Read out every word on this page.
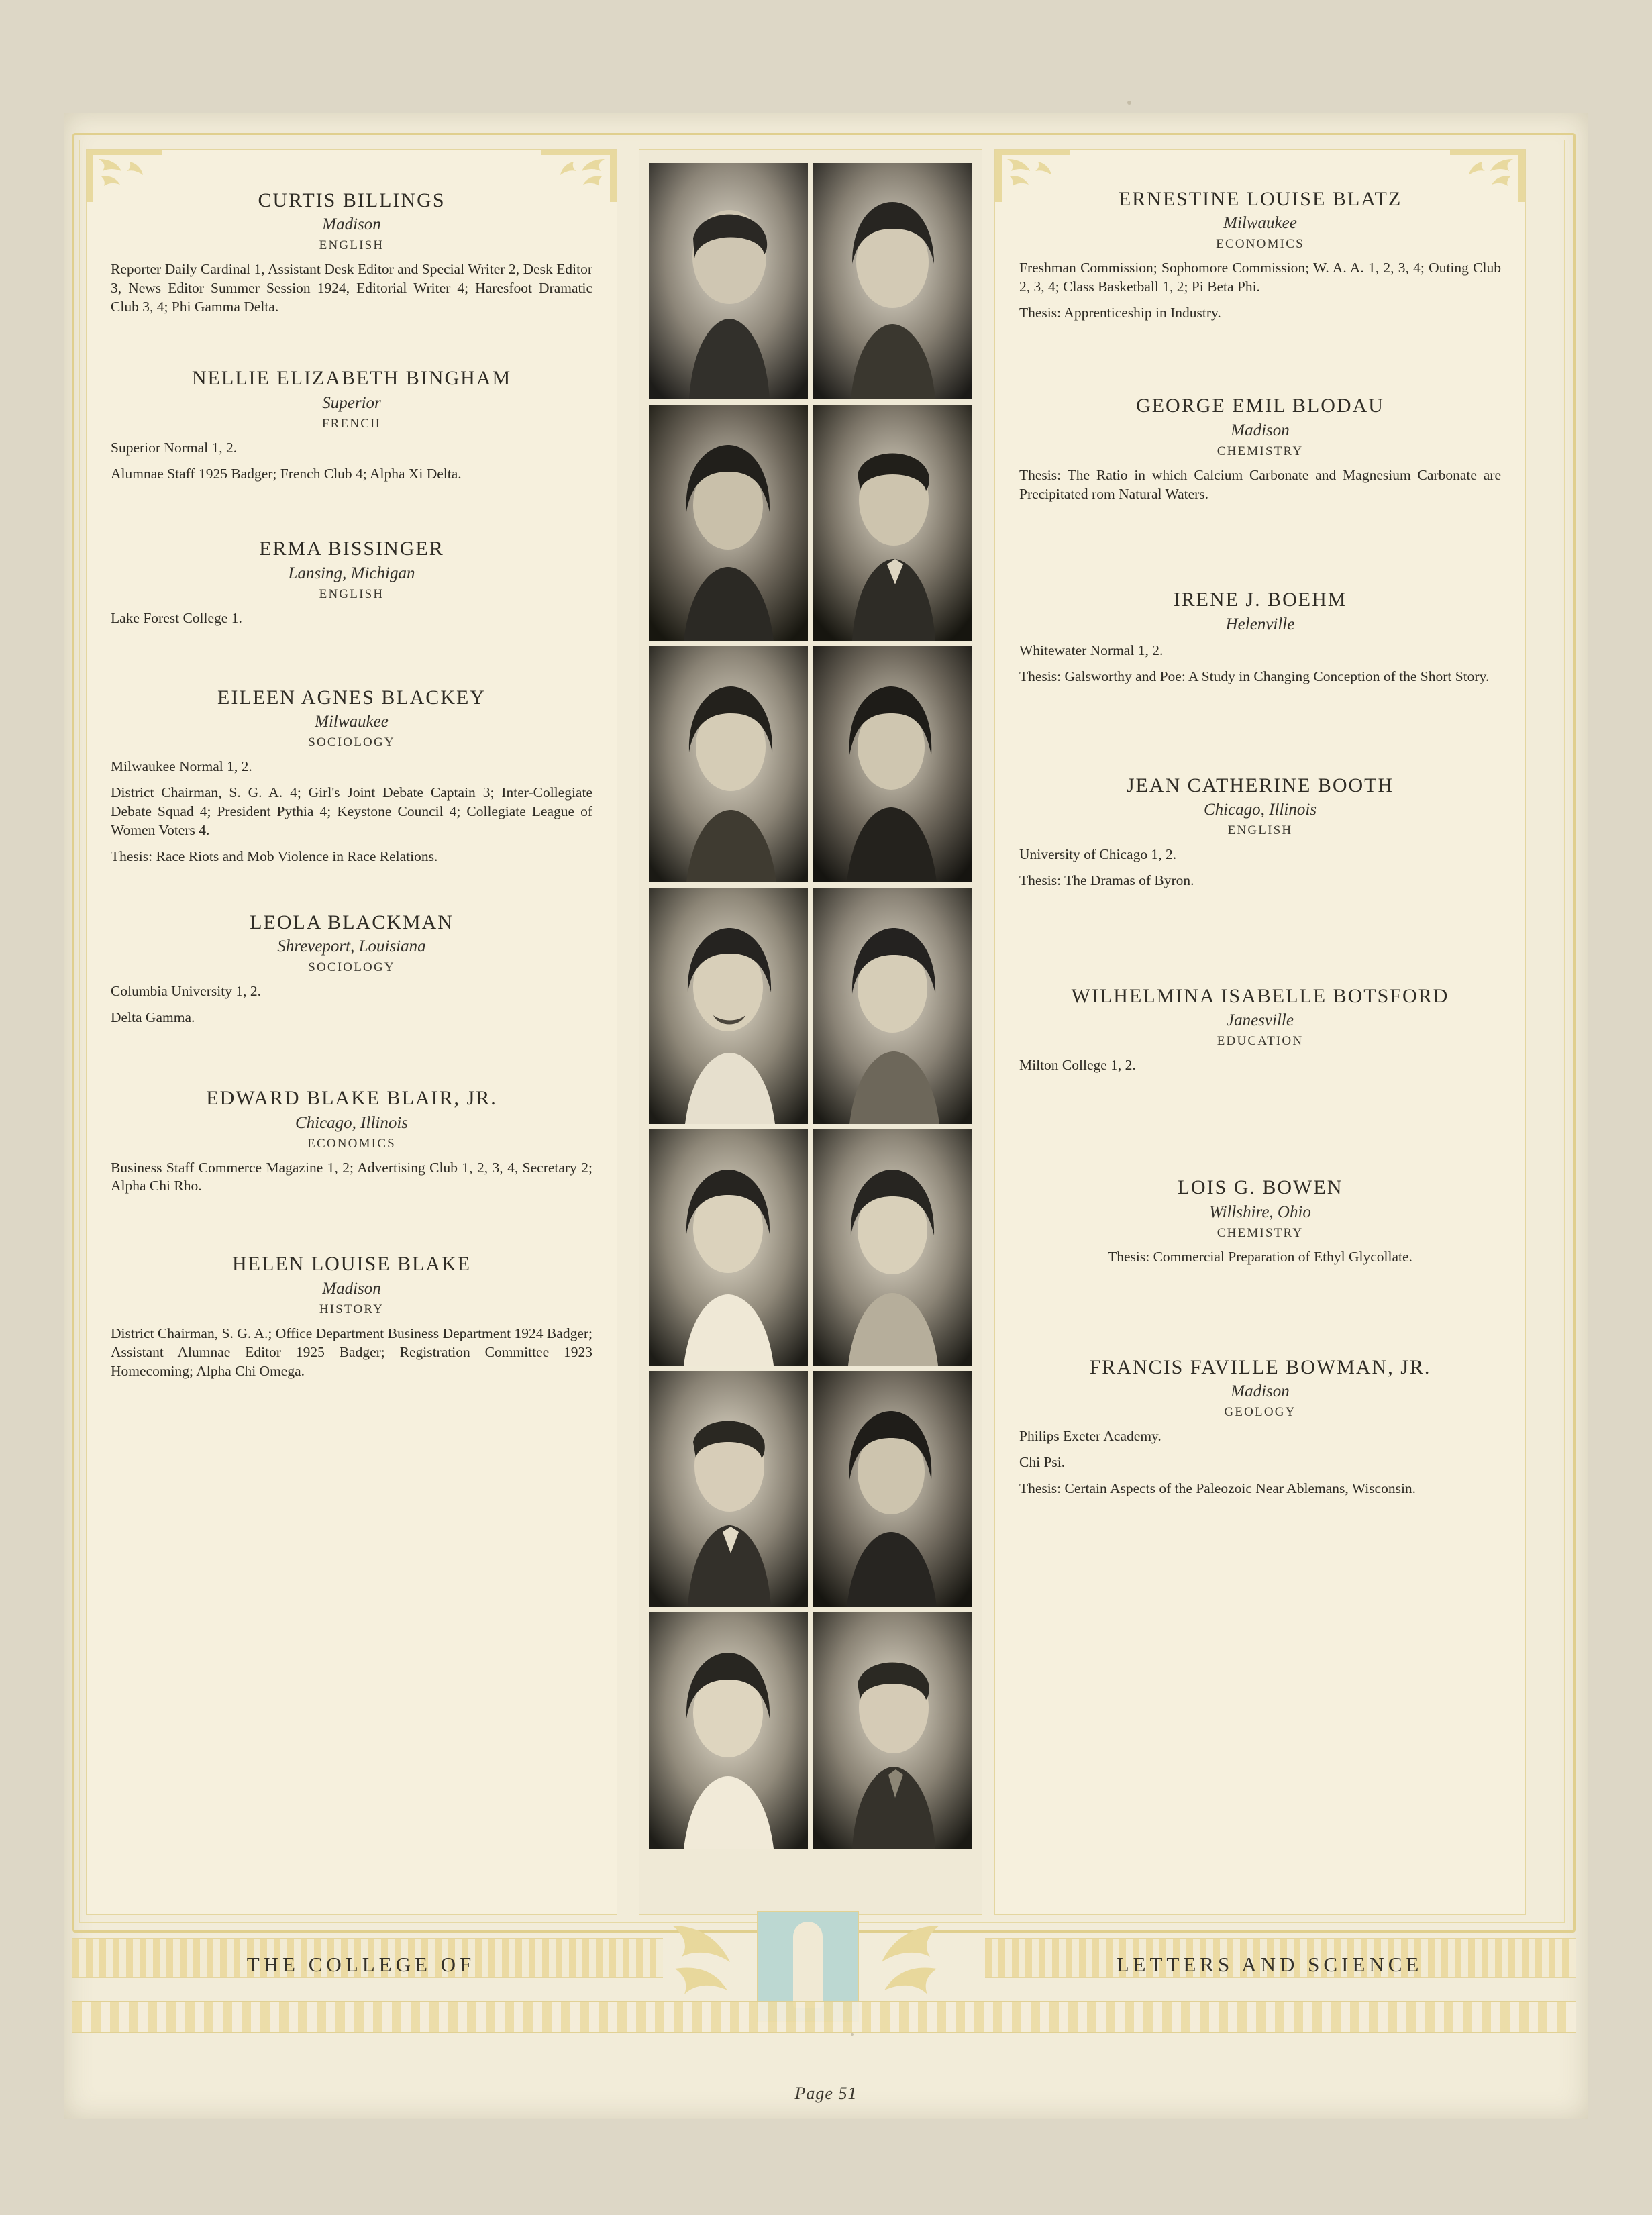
CURTIS BILLINGS
Madison
ENGLISH
Reporter Daily Cardinal 1, Assistant Desk Editor and Special Writer 2, Desk Editor 3, News Editor Summer Session 1924, Editorial Writer 4; Haresfoot Dramatic Club 3, 4; Phi Gamma Delta.
NELLIE ELIZABETH BINGHAM
Superior
FRENCH
Superior Normal 1, 2.
Alumnae Staff 1925 Badger; French Club 4; Alpha Xi Delta.
ERMA BISSINGER
Lansing, Michigan
ENGLISH
Lake Forest College 1.
EILEEN AGNES BLACKEY
Milwaukee
SOCIOLOGY
Milwaukee Normal 1, 2.
District Chairman, S. G. A. 4; Girl's Joint Debate Captain 3; Inter-Collegiate Debate Squad 4; President Pythia 4; Keystone Council 4; Collegiate League of Women Voters 4.
Thesis: Race Riots and Mob Violence in Race Relations.
LEOLA BLACKMAN
Shreveport, Louisiana
SOCIOLOGY
Columbia University 1, 2.
Delta Gamma.
EDWARD BLAKE BLAIR, JR.
Chicago, Illinois
ECONOMICS
Business Staff Commerce Magazine 1, 2; Advertising Club 1, 2, 3, 4, Secretary 2; Alpha Chi Rho.
HELEN LOUISE BLAKE
Madison
HISTORY
District Chairman, S. G. A.; Office Department Business Department 1924 Badger; Assistant Alumnae Editor 1925 Badger; Registration Committee 1923 Homecoming; Alpha Chi Omega.
ERNESTINE LOUISE BLATZ
Milwaukee
ECONOMICS
Freshman Commission; Sophomore Commission; W. A. A. 1, 2, 3, 4; Outing Club 2, 3, 4; Class Basketball 1, 2; Pi Beta Phi.
Thesis: Apprenticeship in Industry.
GEORGE EMIL BLODAU
Madison
CHEMISTRY
Thesis: The Ratio in which Calcium Carbonate and Magnesium Carbonate are Precipitated rom Natural Waters.
IRENE J. BOEHM
Helenville
Whitewater Normal 1, 2.
Thesis: Galsworthy and Poe: A Study in Changing Conception of the Short Story.
JEAN CATHERINE BOOTH
Chicago, Illinois
ENGLISH
University of Chicago 1, 2.
Thesis: The Dramas of Byron.
WILHELMINA ISABELLE BOTSFORD
Janesville
EDUCATION
Milton College 1, 2.
LOIS G. BOWEN
Willshire, Ohio
CHEMISTRY
Thesis: Commercial Preparation of Ethyl Glycollate.
FRANCIS FAVILLE BOWMAN, JR.
Madison
GEOLOGY
Philips Exeter Academy.
Chi Psi.
Thesis: Certain Aspects of the Paleozoic Near Ablemans, Wisconsin.
THE COLLEGE OF	LETTERS AND SCIENCE
Page 51
